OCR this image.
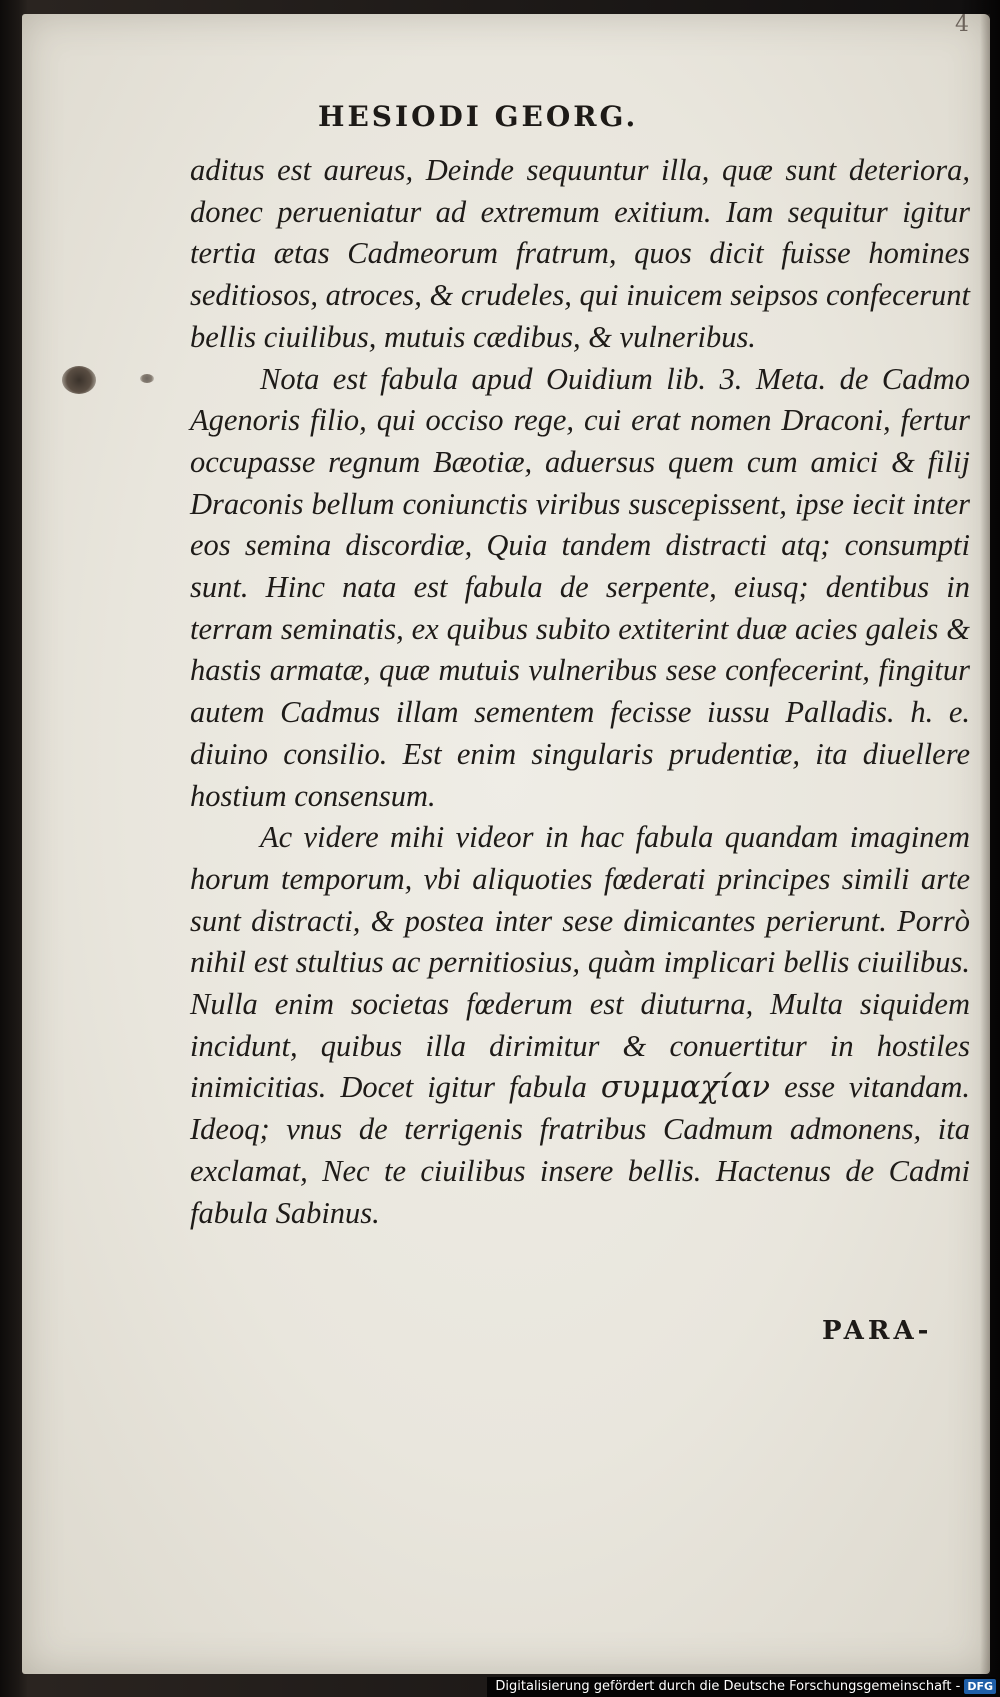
4
HESIODI GEORG.

aditus est aureus, Deinde sequuntur illa, quæ sunt deteriora, donec perueniatur ad extremum exitium. Iam sequitur igitur tertia ætas Cadmeorum fratrum, quos dicit fuisse homines seditiosos, atroces, & crudeles, qui inuicem seipsos confecerunt bellis ciuilibus, mutuis cædibus, & vulneribus.

Nota est fabula apud Ouidium lib. 3. Meta. de Cadmo Agenoris filio, qui occiso rege, cui erat nomen Draconi, fertur occupasse regnum Bæotiæ, aduersus quem cum amici & filij Draconis bellum coniunctis viribus suscepissent, ipse iecit inter eos semina discordiæ, Quia tandem distracti atq; consumpti sunt. Hinc nata est fabula de serpente, eiusq; dentibus in terram seminatis, ex quibus subito extiterint duæ acies galeis & hastis armatæ, quæ mutuis vulneribus sese confecerint, fingitur autem Cadmus illam sementem fecisse iussu Palladis. h. e. diuino consilio. Est enim singularis prudentiæ, ita diuellere hostium consensum.

Ac videre mihi videor in hac fabula quandam imaginem horum temporum, vbi aliquoties fœderati principes simili arte sunt distracti, & postea inter sese dimicantes perierunt. Porrò nihil est stultius ac pernitiosius, quàm implicari bellis ciuilibus. Nulla enim societas fœderum est diuturna, Multa siquidem incidunt, quibus illa dirimitur & conuertitur in hostiles inimicitias. Docet igitur fabula συμμαχίαν esse vitandam. Ideoq; vnus de terrigenis fratribus Cadmum admonens, ita exclamat, Nec te ciuilibus insere bellis. Hactenus de Cadmi fabula Sabinus.

PARA-
Digitalisierung gefördert durch die Deutsche Forschungsgemeinschaft - DFG
